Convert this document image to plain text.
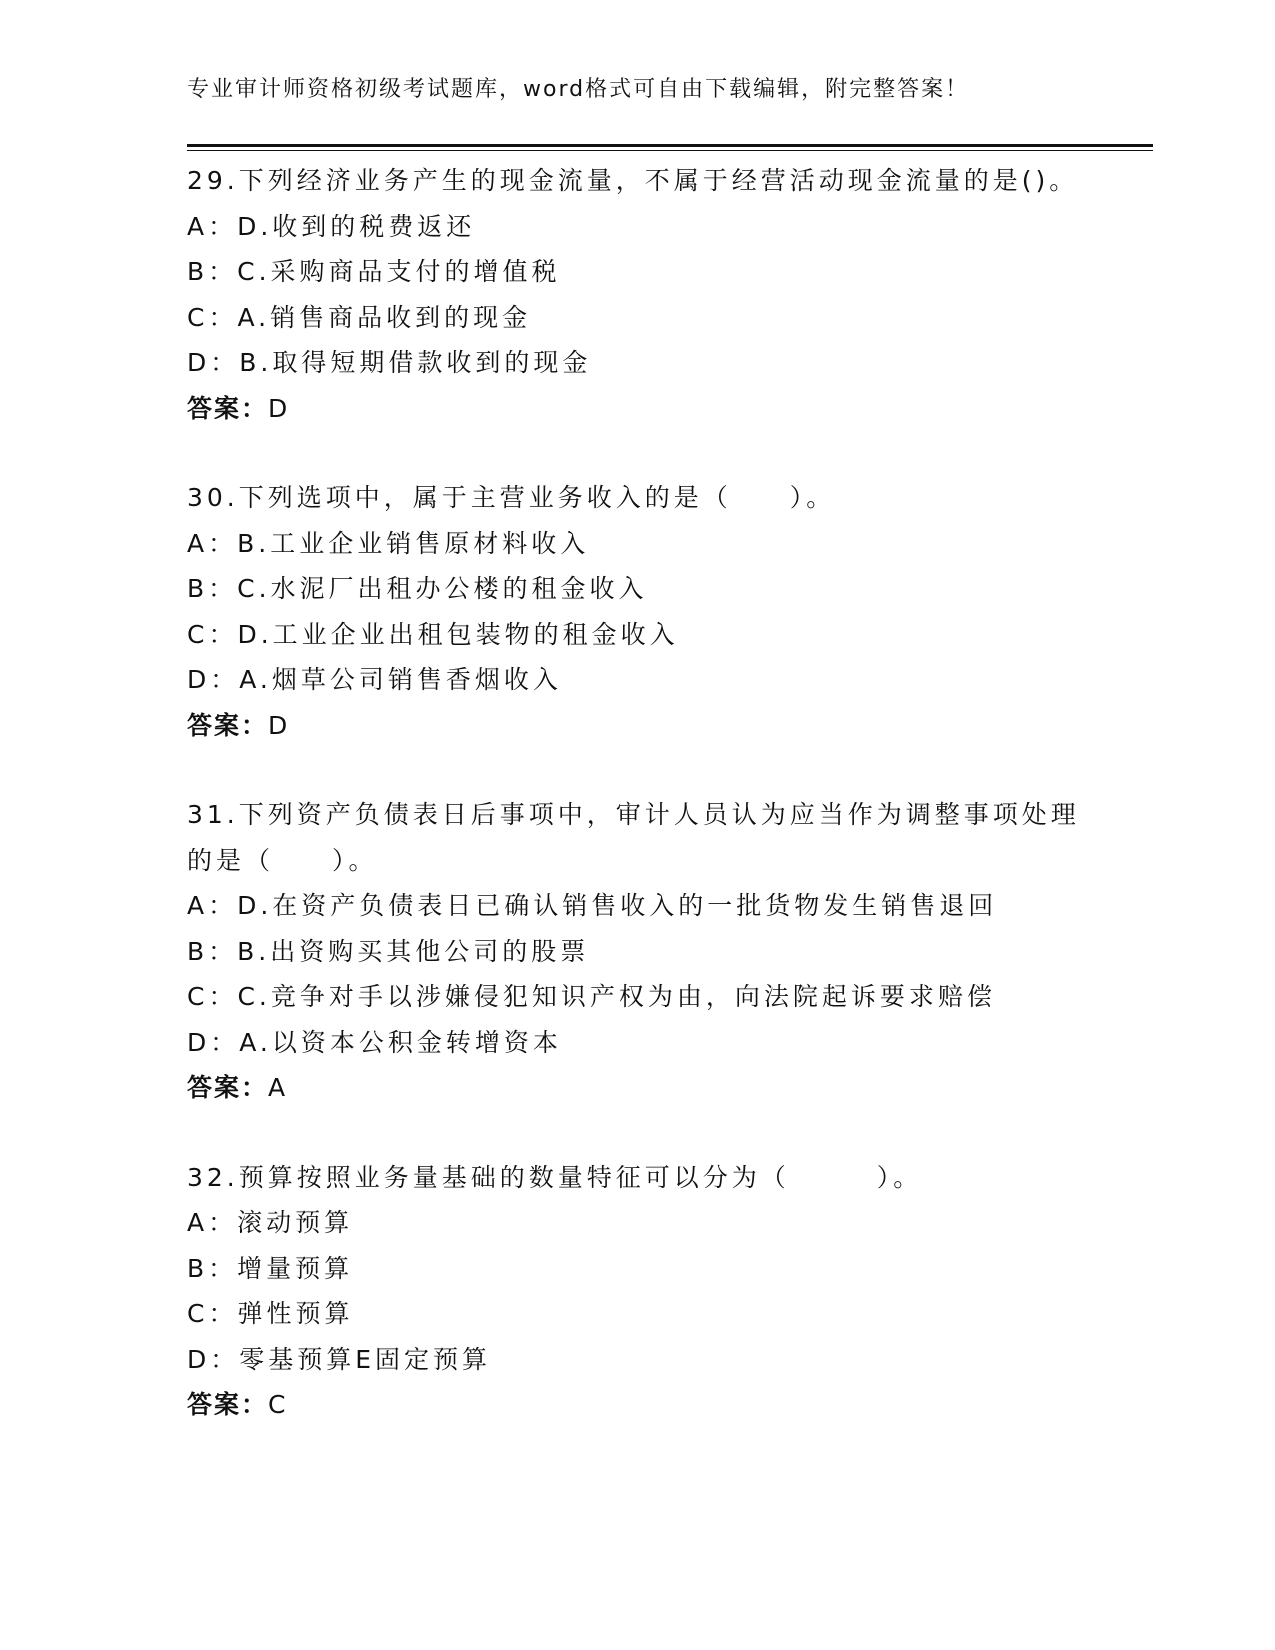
专业审计师资格初级考试题库，word格式可自由下载编辑，附完整答案！
29.下列经济业务产生的现金流量，不属于经营活动现金流量的是()。
A：D.收到的税费返还
B：C.采购商品支付的增值税
C：A.销售商品收到的现金
D：B.取得短期借款收到的现金
答案：D
30.下列选项中，属于主营业务收入的是（　　）。
A：B.工业企业销售原材料收入
B：C.水泥厂出租办公楼的租金收入
C：D.工业企业出租包装物的租金收入
D：A.烟草公司销售香烟收入
答案：D
31.下列资产负债表日后事项中，审计人员认为应当作为调整事项处理的是（　　）。
A：D.在资产负债表日已确认销售收入的一批货物发生销售退回
B：B.出资购买其他公司的股票
C：C.竞争对手以涉嫌侵犯知识产权为由，向法院起诉要求赔偿
D：A.以资本公积金转增资本
答案：A
32.预算按照业务量基础的数量特征可以分为（　　　）。
A：滚动预算
B：增量预算
C：弹性预算
D：零基预算E固定预算
答案：C
